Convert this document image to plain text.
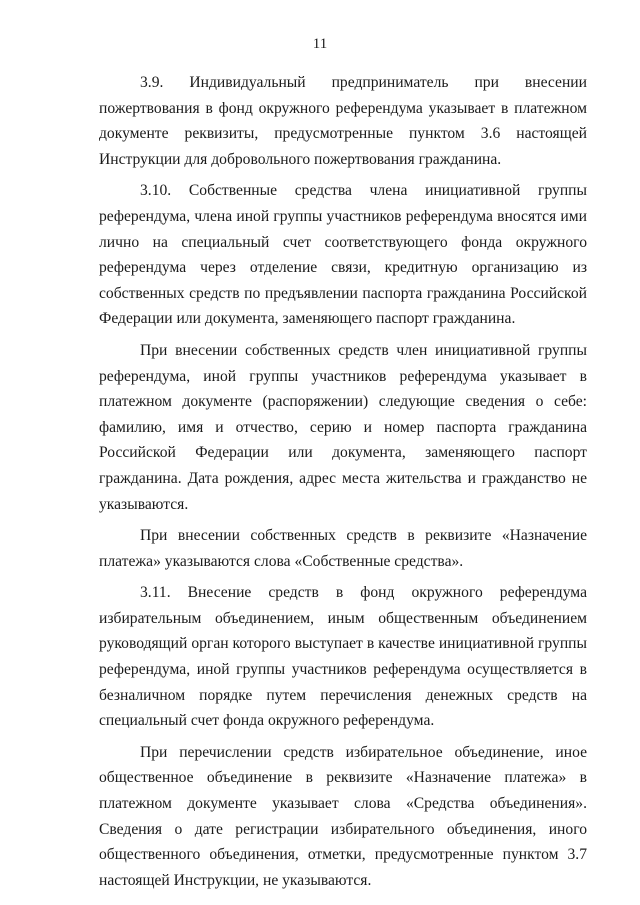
11

3.9. Индивидуальный предприниматель при внесении пожертвования в фонд окружного референдума указывает в платежном документе реквизиты, предусмотренные пунктом 3.6 настоящей Инструкции для добровольного пожертвования гражданина.

3.10. Собственные средства члена инициативной группы референдума, члена иной группы участников референдума вносятся ими лично на специальный счет соответствующего фонда окружного референдума через отделение связи, кредитную организацию из собственных средств по предъявлении паспорта гражданина Российской Федерации или документа, заменяющего паспорт гражданина.

При внесении собственных средств член инициативной группы референдума, иной группы участников референдума указывает в платежном документе (распоряжении) следующие сведения о себе: фамилию, имя и отчество, серию и номер паспорта гражданина Российской Федерации или документа, заменяющего паспорт гражданина. Дата рождения, адрес места жительства и гражданство не указываются.

При внесении собственных средств в реквизите «Назначение платежа» указываются слова «Собственные средства».

3.11. Внесение средств в фонд окружного референдума избирательным объединением, иным общественным объединением руководящий орган которого выступает в качестве инициативной группы референдума, иной группы участников референдума осуществляется в безналичном порядке путем перечисления денежных средств на специальный счет фонда окружного референдума.

При перечислении средств избирательное объединение, иное общественное объединение в реквизите «Назначение платежа» в платежном документе указывает слова «Средства объединения». Сведения о дате регистрации избирательного объединения, иного общественного объединения, отметки, предусмотренные пунктом 3.7 настоящей Инструкции, не указываются.
